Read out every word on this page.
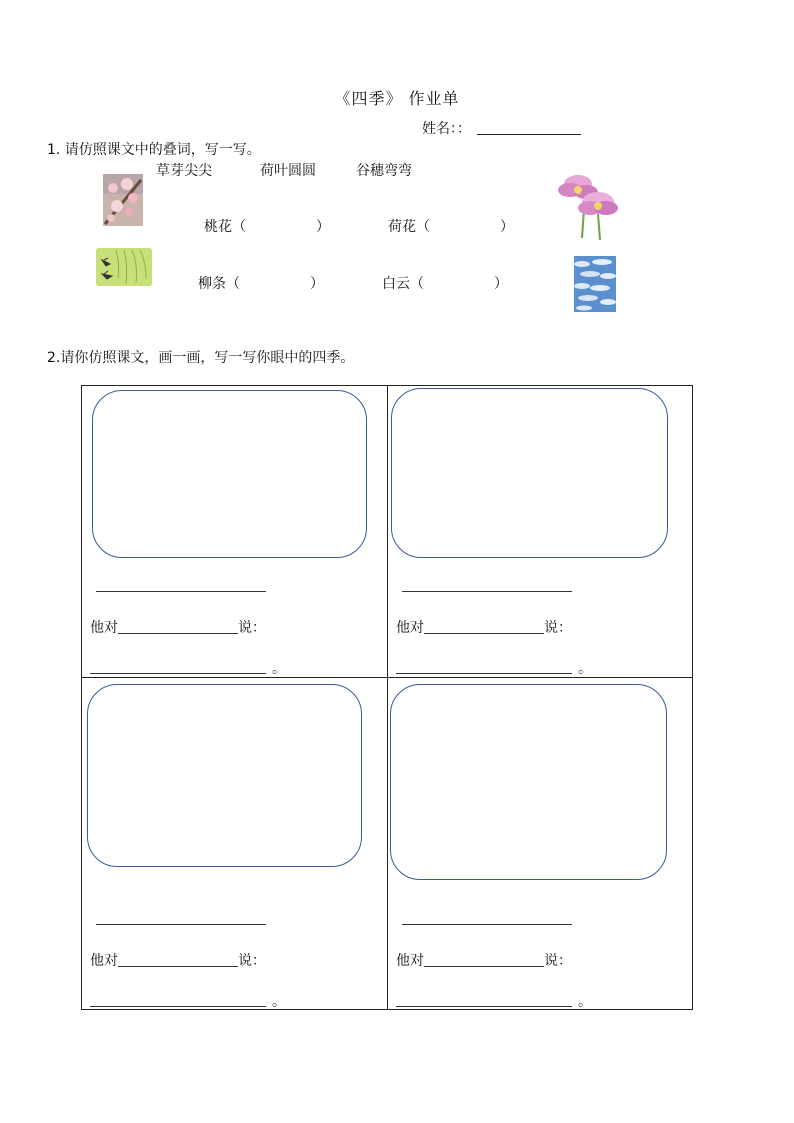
《四季》 作业单
姓名：：
1. 请仿照课文中的叠词，写一写。
草芽尖尖	荷叶圆圆	谷穗弯弯
桃花（	）	荷花（	）
柳条（	）	白云（	）
2.请你仿照课文，画一画，写一写你眼中的四季。
他对	说：
。
他对	说：
。
他对	说：
。
他对	说：
。
